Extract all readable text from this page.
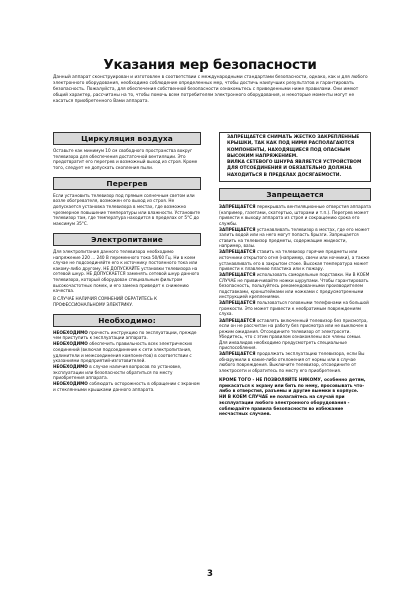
Указания мер безопасности

Данный аппарат сконструирован и изготовлен в соответствии с международными стандартами безопасности, однако, как и для любого электронного оборудования, необходимо соблюдение определенных мер, чтобы достичь наилучших результатов и гарантировать безопасность. Пожалуйста, для обеспечения собственной безопасности ознакомьтесь с приведенными ниже правилами. Они имеют общий характер, рассчитаны на то, чтобы помочь всем потребителям электронного оборудования, и некоторые моменты могут не касаться приобретенного Вами аппарата.

Циркуляция воздуха

Оставьте как минимум 10 см свободного пространства вокруг телевизора для обеспечения достаточной вентиляции. Это предотвратит его перегрев и возможный выход из строя. Кроме того, следует не допускать скопления пыли.

Перегрев

Если установить телевизор под прямым солнечным светом или возле обогревателя, возможен его выход из строя. Не допускается установка телевизора в местах, где возможно чрезмерное повышение температуры или влажности. Установите телевизор там, где температура находится в пределах от 5°С до максимум 35°С.

Электропитание

Для электропитания данного телевизора необходимо напряжение 220 ... 240 В переменного тока 50/60 Гц. Ни в коем случае не подсоединяйте его к источнику постоянного тока или какому-либо другому. НЕ ДОПУСКАЙТЕ установки телевизора на сетевой шнур. НЕ ДОПУСКАЕТСЯ заменять сетевой шнур данного телевизора, который оборудован специальным фильтром высокочастотных помех, и его замена приведет к снижению качества.

В СЛУЧАЕ НАЛИЧИЯ СОМНЕНИЙ ОБРАТИТЕСЬ К ПРОФЕССИОНАЛЬНОМУ ЭЛЕКТРИКУ.

Необходимо:

НЕОБХОДИМО прочесть инструкцию по эксплуатации, прежде чем приступить к эксплуатации аппарата.

НЕОБХОДИМО обеспечить правильность всех электрических соединений (включая подсоединение к сети электропитания, удлинители и межсоединения компонентов) в соответствии с указаниями предприятий-изготовителей.

НЕОБХОДИМО в случае наличия вопросов по установке, эксплуатации или безопасности обратиться по месту приобретения аппарата.

НЕОБХОДИМО соблюдать осторожность в обращении с экраном и стеклянными крышками данного аппарата.

ЗАПРЕЩАЕТСЯ СНИМАТЬ ЖЕСТКО ЗАКРЕПЛЕННЫЕ КРЫШКИ, ТАК КАК ПОД НИМИ РАСПОЛАГАЮТСЯ КОМПОНЕНТЫ, НАХОДЯЩИЕСЯ ПОД ОПАСНЫМ ВЫСОКИМ НАПРЯЖЕНИЕМ.

ВИЛКА СЕТЕВОГО ШНУРА ЯВЛЯЕТСЯ УСТРОЙСТВОМ ДЛЯ ОТСОЕДИНЕНИЯ И ОБЯЗАТЕЛЬНО ДОЛЖНА НАХОДИТЬСЯ В ПРЕДЕЛАХ ДОСЯГАЕМОСТИ.

Запрещается

ЗАПРЕЩАЕТСЯ перекрывать вентиляционные отверстия аппарата (например, газетами, скатертью, шторами и т.п.). Перегрев может привести к выходу аппарата из строя и сокращению срока его службы.

ЗАПРЕЩАЕТСЯ устанавливать телевизор в местах, где его может залить водой или на него могут попасть брызги. Запрещается ставить на телевизор предметы, содержащие жидкости, например, вазы.

ЗАПРЕЩАЕТСЯ ставить на телевизор горячие предметы или источники открытого огня (например, свечи или ночники), а также устанавливать его в закрытом стоке. Высокая температура может привести к плавлению пластика или к пожару.

ЗАПРЕЩАЕТСЯ использовать самодельные подставки. Ни В КОЕМ СЛУЧАЕ не привинчивайте ножки шурупами. Чтобы гарантировать безопасность, пользуйтесь рекомендованными производителем подставками, кронштейнами или ножками с предусмотренными инструкцией креплениями.

ЗАПРЕЩАЕТСЯ пользоваться головными телефонами на большой громкости. Это может привести к необратимым повреждениям слуха.

ЗАПРЕЩАЕТСЯ оставлять включенный телевизор без присмотра, если он не рассчитан на работу без присмотра или не выключен в режим ожидания. Отсоедините телевизор от электросети. Убедитесь, что с этим правилом ознакомлены все члены семьи. Для инвалидов необходимо предусмотреть специальные приспособления.

ЗАПРЕЩАЕТСЯ продолжать эксплуатацию телевизора, если Вы обнаружили в какие-либо отклонения от нормы или в случае любого повреждения. Выключите телевизор, отсоедините от электросети и обратитесь по месту его приобретения.

КРОМЕ ТОГО - НЕ ПОЗВОЛЯЙТЕ НИКОМУ, особенно детям, прикасаться к экрану или бить по нему, просовывать что-либо в отверстия, разъемы и другие выемки в корпусе.

НИ В КОЕМ СЛУЧАЕ не полагайтесь на случай при эксплуатации любого электронного оборудования - соблюдайте правила безопасности во избежание несчастных случаев.

3
